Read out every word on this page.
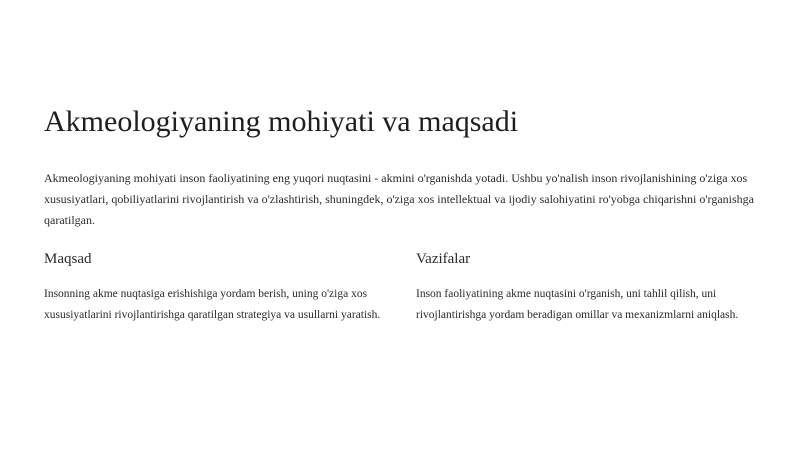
Akmeologiyaning mohiyati va maqsadi

Akmeologiyaning mohiyati inson faoliyatining eng yuqori nuqtasini - akmini o'rganishda yotadi. Ushbu yo'nalish inson rivojlanishining o'ziga xos xususiyatlari, qobiliyatlarini rivojlantirish va o'zlashtirish, shuningdek, o'ziga xos intellektual va ijodiy salohiyatini ro'yobga chiqarishni o'rganishga qaratilgan.

Maqsad

Insonning akme nuqtasiga erishishiga yordam berish, uning o'ziga xos xususiyatlarini rivojlantirishga qaratilgan strategiya va usullarni yaratish.

Vazifalar

Inson faoliyatining akme nuqtasini o'rganish, uni tahlil qilish, uni rivojlantirishga yordam beradigan omillar va mexanizmlarni aniqlash.
